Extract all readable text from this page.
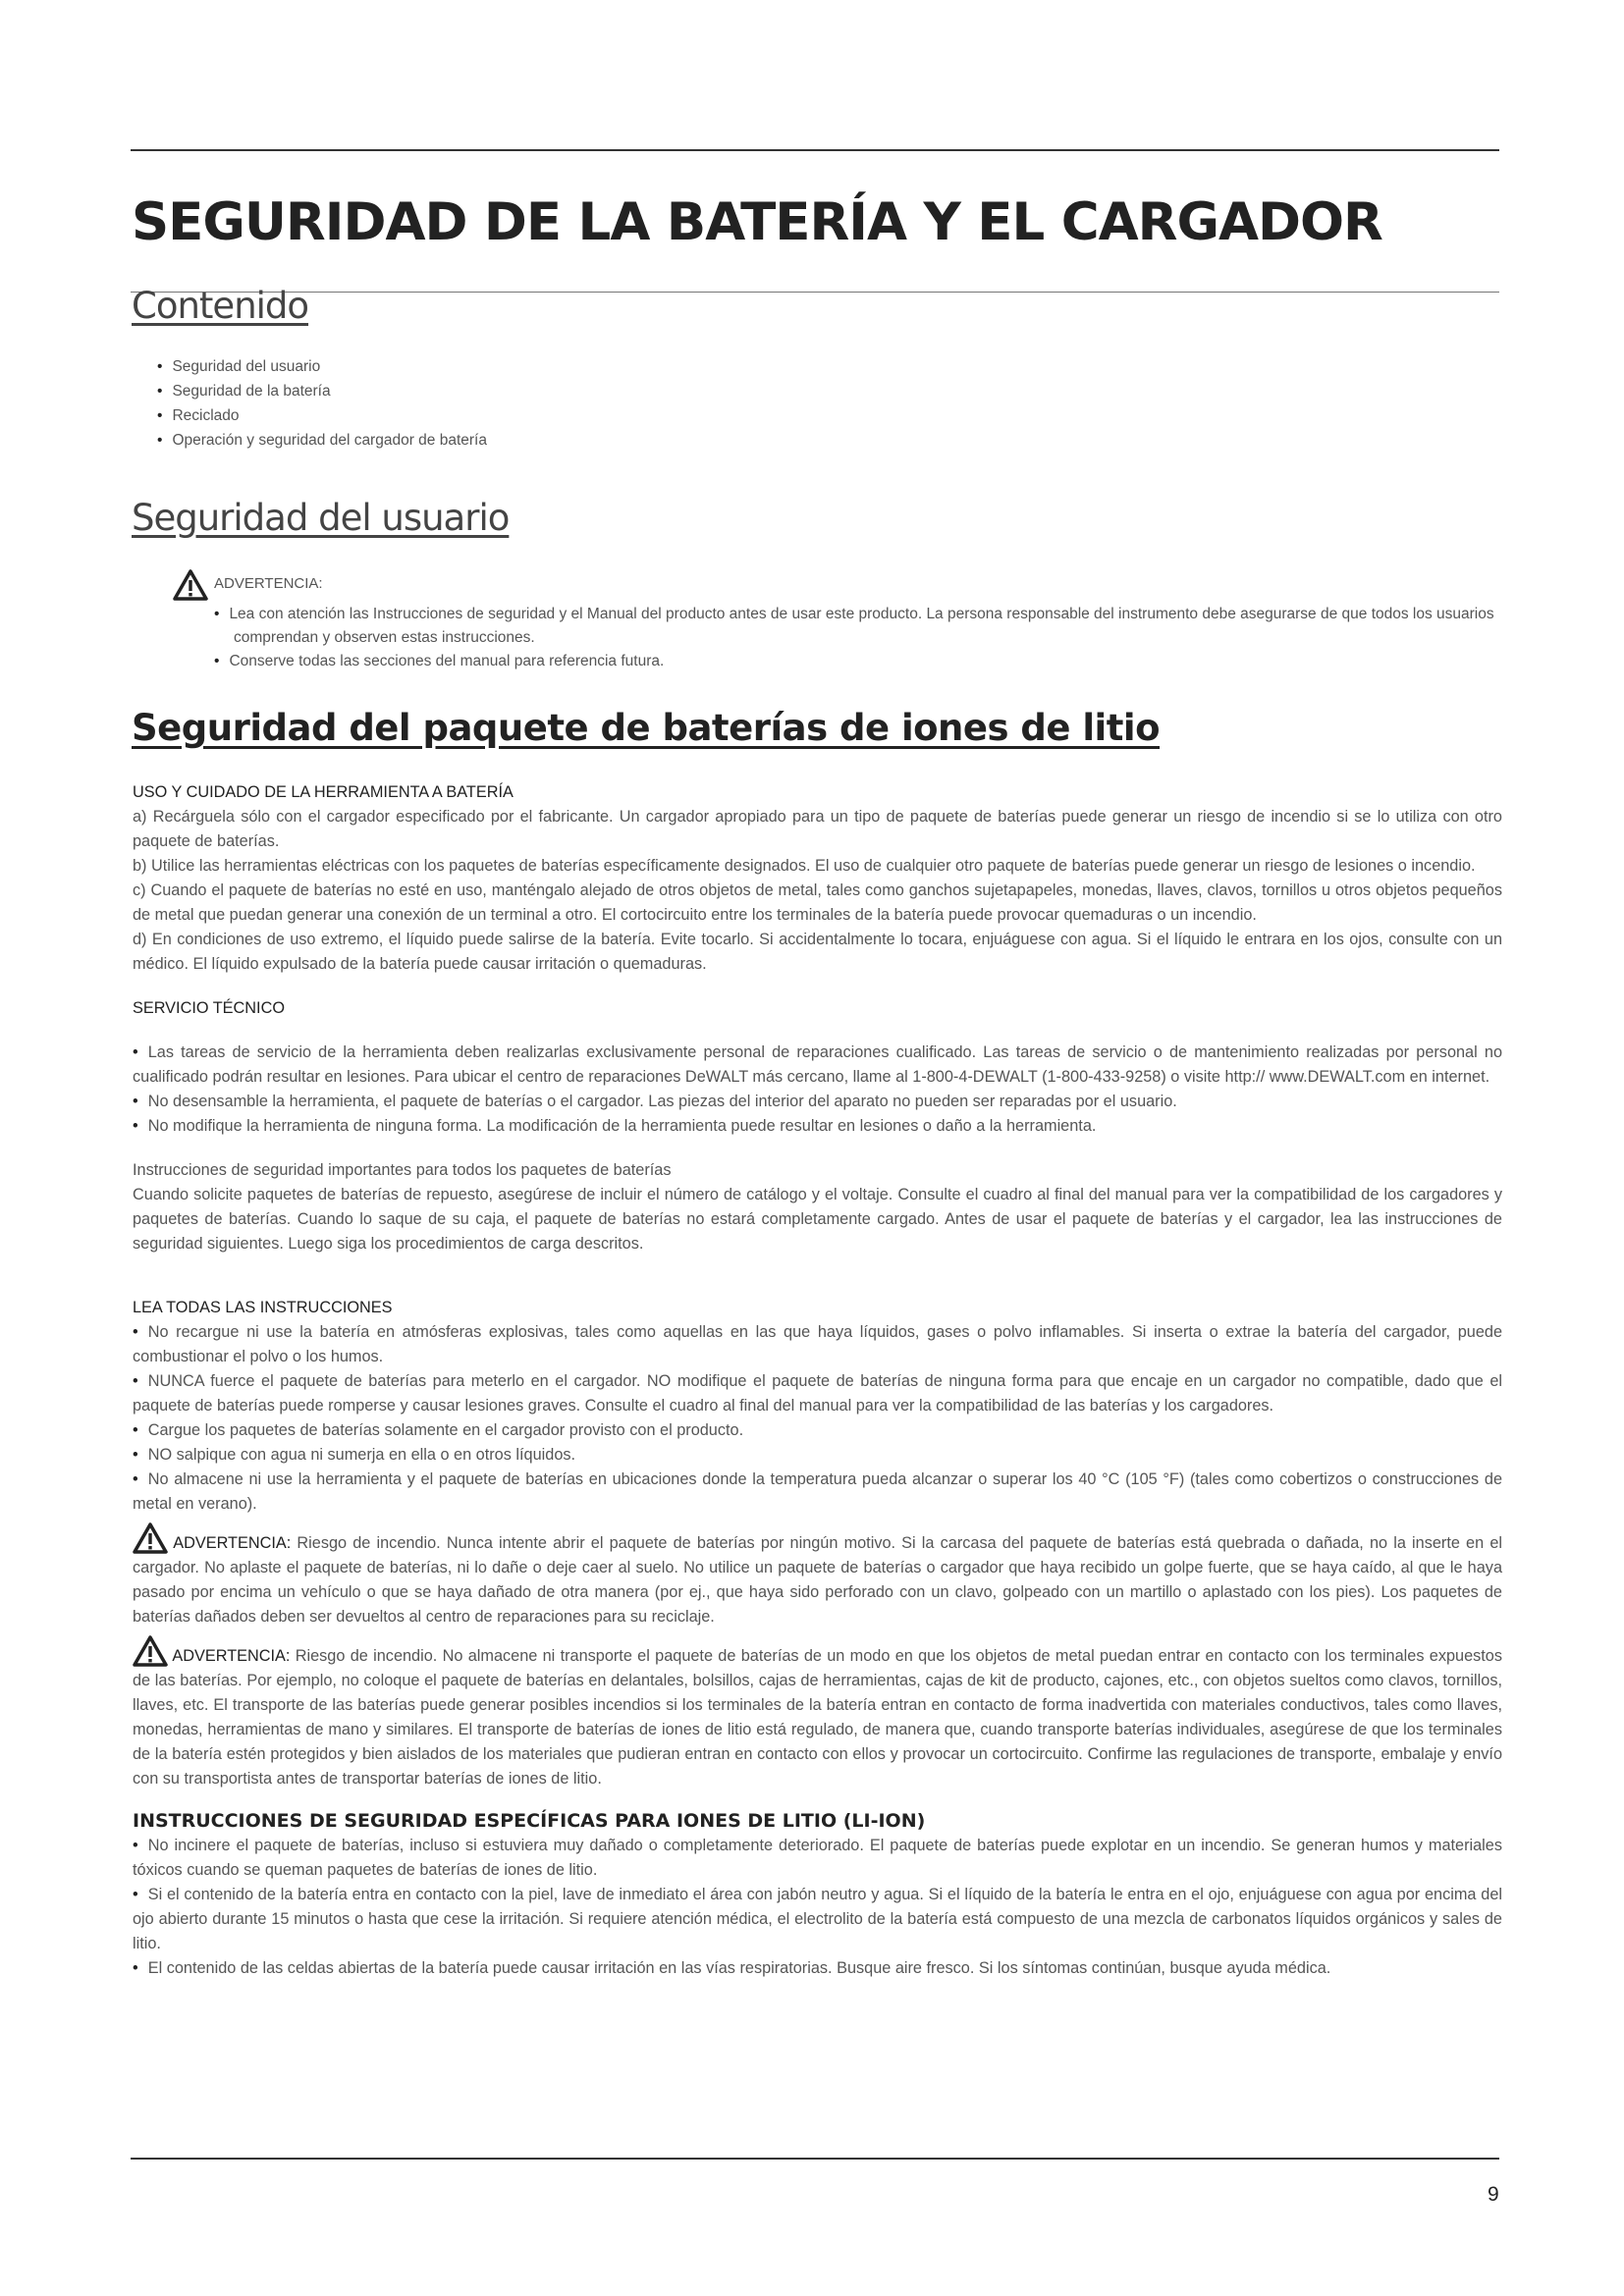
SEGURIDAD DE LA BATERÍA Y EL CARGADOR
Contenido
• Seguridad del usuario
• Seguridad de la batería
• Reciclado
• Operación y seguridad del cargador de batería
Seguridad del usuario
ADVERTENCIA:

• Lea con atención las Instrucciones de seguridad y el Manual del producto antes de usar este producto. La persona responsable del instrumento debe asegurarse de que todos los usuarios comprendan y observen estas instrucciones.

• Conserve todas las secciones del manual para referencia futura.

Seguridad del paquete de baterías de iones de litio

USO Y CUIDADO DE LA HERRAMIENTA A BATERÍA

a) Recárguela sólo con el cargador especificado por el fabricante. Un cargador apropiado para un tipo de paquete de baterías puede generar un riesgo de incendio si se lo utiliza con otro paquete de baterías.

b) Utilice las herramientas eléctricas con los paquetes de baterías específicamente designados. El uso de cualquier otro paquete de baterías puede generar un riesgo de lesiones o incendio.

c) Cuando el paquete de baterías no esté en uso, manténgalo alejado de otros objetos de metal, tales como ganchos sujetapapeles, monedas, llaves, clavos, tornillos u otros objetos pequeños de metal que puedan generar una conexión de un terminal a otro. El cortocircuito entre los terminales de la batería puede provocar quemaduras o un incendio.

d) En condiciones de uso extremo, el líquido puede salirse de la batería. Evite tocarlo. Si accidentalmente lo tocara, enjuáguese con agua. Si el líquido le entrara en los ojos, consulte con un médico. El líquido expulsado de la batería puede causar irritación o quemaduras.

SERVICIO TÉCNICO

• Las tareas de servicio de la herramienta deben realizarlas exclusivamente personal de reparaciones cualificado. Las tareas de servicio o de mantenimiento realizadas por personal no cualificado podrán resultar en lesiones. Para ubicar el centro de reparaciones DeWALT más cercano, llame al 1-800-4-DEWALT (1-800-433-9258) o visite http:// www.DEWALT.com en internet.

• No desensamble la herramienta, el paquete de baterías o el cargador. Las piezas del interior del aparato no pueden ser reparadas por el usuario.

• No modifique la herramienta de ninguna forma. La modificación de la herramienta puede resultar en lesiones o daño a la herramienta.

Instrucciones de seguridad importantes para todos los paquetes de baterías

Cuando solicite paquetes de baterías de repuesto, asegúrese de incluir el número de catálogo y el voltaje. Consulte el cuadro al final del manual para ver la compatibilidad de los cargadores y paquetes de baterías. Cuando lo saque de su caja, el paquete de baterías no estará completamente cargado. Antes de usar el paquete de baterías y el cargador, lea las instrucciones de seguridad siguientes. Luego siga los procedimientos de carga descritos.

LEA TODAS LAS INSTRUCCIONES

• No recargue ni use la batería en atmósferas explosivas, tales como aquellas en las que haya líquidos, gases o polvo inflamables. Si inserta o extrae la batería del cargador, puede combustionar el polvo o los humos.

• NUNCA fuerce el paquete de baterías para meterlo en el cargador. NO modifique el paquete de baterías de ninguna forma para que encaje en un cargador no compatible, dado que el paquete de baterías puede romperse y causar lesiones graves. Consulte el cuadro al final del manual para ver la compatibilidad de las baterías y los cargadores.

• Cargue los paquetes de baterías solamente en el cargador provisto con el producto.

• NO salpique con agua ni sumerja en ella o en otros líquidos.

• No almacene ni use la herramienta y el paquete de baterías en ubicaciones donde la temperatura pueda alcanzar o superar los 40 °C (105 °F) (tales como cobertizos o construcciones de metal en verano).

ADVERTENCIA: Riesgo de incendio. Nunca intente abrir el paquete de baterías por ningún motivo. Si la carcasa del paquete de baterías está quebrada o dañada, no la inserte en el cargador. No aplaste el paquete de baterías, ni lo dañe o deje caer al suelo. No utilice un paquete de baterías o cargador que haya recibido un golpe fuerte, que se haya caído, al que le haya pasado por encima un vehículo o que se haya dañado de otra manera (por ej., que haya sido perforado con un clavo, golpeado con un martillo o aplastado con los pies). Los paquetes de baterías dañados deben ser devueltos al centro de reparaciones para su reciclaje.

ADVERTENCIA: Riesgo de incendio. No almacene ni transporte el paquete de baterías de un modo en que los objetos de metal puedan entrar en contacto con los terminales expuestos de las baterías. Por ejemplo, no coloque el paquete de baterías en delantales, bolsillos, cajas de herramientas, cajas de kit de producto, cajones, etc., con objetos sueltos como clavos, tornillos, llaves, etc. El transporte de las baterías puede generar posibles incendios si los terminales de la batería entran en contacto de forma inadvertida con materiales conductivos, tales como llaves, monedas, herramientas de mano y similares. El transporte de baterías de iones de litio está regulado, de manera que, cuando transporte baterías individuales, asegúrese de que los terminales de la batería estén protegidos y bien aislados de los materiales que pudieran entran en contacto con ellos y provocar un cortocircuito. Confirme las regulaciones de transporte, embalaje y envío con su transportista antes de transportar baterías de iones de litio.

INSTRUCCIONES DE SEGURIDAD ESPECÍFICAS PARA IONES DE LITIO (LI-ION)

• No incinere el paquete de baterías, incluso si estuviera muy dañado o completamente deteriorado. El paquete de baterías puede explotar en un incendio. Se generan humos y materiales tóxicos cuando se queman paquetes de baterías de iones de litio.

• Si el contenido de la batería entra en contacto con la piel, lave de inmediato el área con jabón neutro y agua. Si el líquido de la batería le entra en el ojo, enjuáguese con agua por encima del ojo abierto durante 15 minutos o hasta que cese la irritación. Si requiere atención médica, el electrolito de la batería está compuesto de una mezcla de carbonatos líquidos orgánicos y sales de litio.

• El contenido de las celdas abiertas de la batería puede causar irritación en las vías respiratorias. Busque aire fresco. Si los síntomas continúan, busque ayuda médica.

9
